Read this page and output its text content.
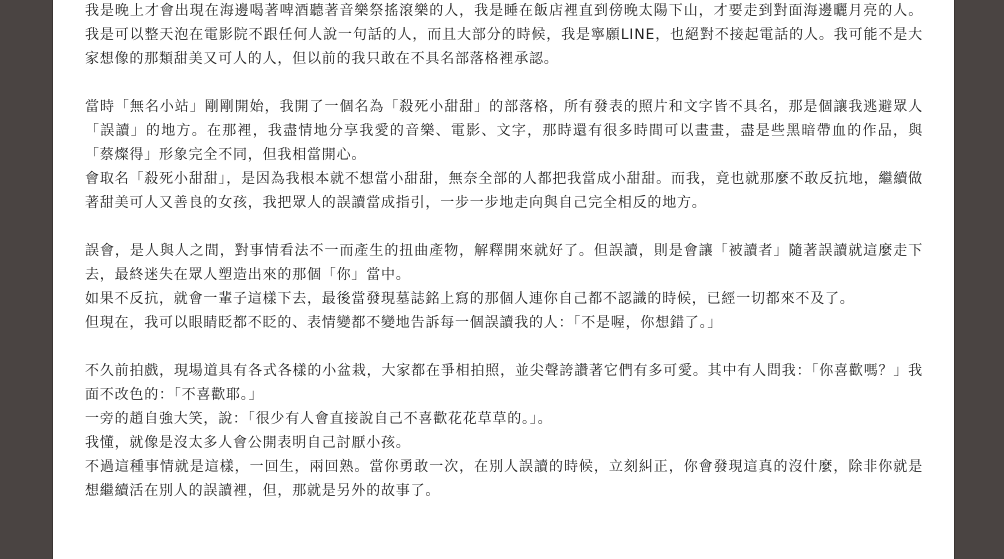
我是晚上才會出現在海邊喝著啤酒聽著音樂祭搖滾樂的人，我是睡在飯店裡直到傍晚太陽下山，才要走到對面海邊曬月亮的人。我是可以整天泡在電影院不跟任何人說一句話的人，而且大部分的時候，我是寧願LINE，也絕對不接起電話的人。我可能不是大家想像的那類甜美又可人的人，但以前的我只敢在不具名部落格裡承認。

當時「無名小站」剛剛開始，我開了一個名為「殺死小甜甜」的部落格，所有發表的照片和文字皆不具名，那是個讓我逃避眾人「誤讀」的地方。在那裡，我盡情地分享我愛的音樂、電影、文字，那時還有很多時間可以畫畫，盡是些黑暗帶血的作品，與「蔡燦得」形象完全不同，但我相當開心。

會取名「殺死小甜甜」，是因為我根本就不想當小甜甜，無奈全部的人都把我當成小甜甜。而我，竟也就那麼不敢反抗地，繼續做著甜美可人又善良的女孩，我把眾人的誤讀當成指引，一步一步地走向與自己完全相反的地方。

誤會，是人與人之間，對事情看法不一而產生的扭曲產物，解釋開來就好了。但誤讀，則是會讓「被讀者」隨著誤讀就這麼走下去，最終迷失在眾人塑造出來的那個「你」當中。

如果不反抗，就會一輩子這樣下去，最後當發現墓誌銘上寫的那個人連你自己都不認識的時候，已經一切都來不及了。

但現在，我可以眼睛眨都不眨的、表情變都不變地告訴每一個誤讀我的人：「不是喔，你想錯了。」

不久前拍戲，現場道具有各式各樣的小盆栽，大家都在爭相拍照，並尖聲誇讚著它們有多可愛。其中有人問我：「你喜歡嗎？」我面不改色的：「不喜歡耶。」

一旁的趙自強大笑，說：「很少有人會直接說自己不喜歡花花草草的。」。

我懂，就像是沒太多人會公開表明自己討厭小孩。

不過這種事情就是這樣，一回生，兩回熟。當你勇敢一次，在別人誤讀的時候，立刻糾正，你會發現這真的沒什麼，除非你就是想繼續活在別人的誤讀裡，但，那就是另外的故事了。
